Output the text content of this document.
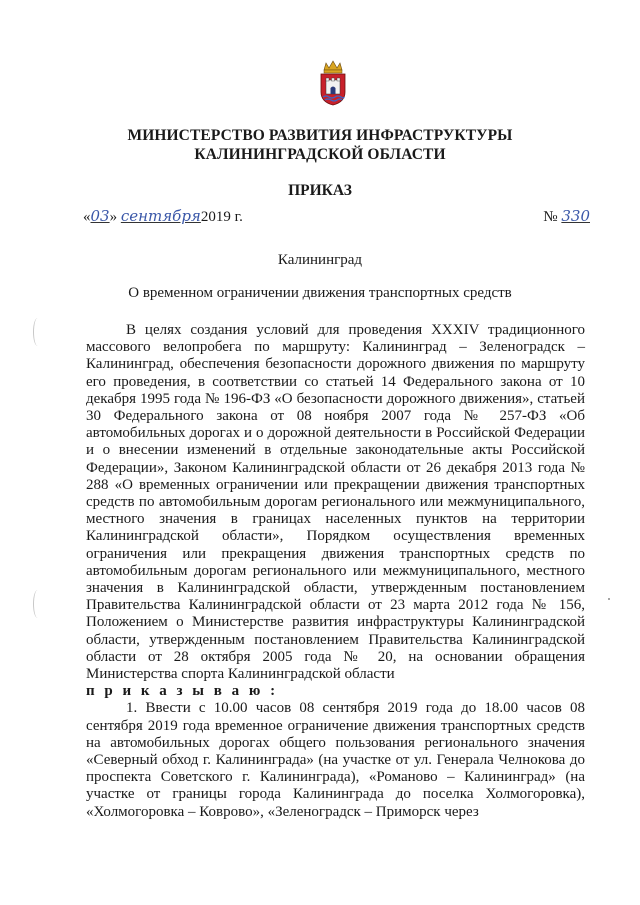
МИНИСТЕРСТВО РАЗВИТИЯ ИНФРАСТРУКТУРЫ
КАЛИНИНГРАДСКОЙ ОБЛАСТИ
ПРИКАЗ
«03» сентября2019 г.	№ 330
Калининград
О временном ограничении движения транспортных средств

В целях создания условий для проведения XXXIV традиционного массового велопробега по маршруту: Калининград – Зеленоградск – Калининград, обеспечения безопасности дорожного движения по маршруту его проведения, в соответствии со статьей 14 Федерального закона от 10 декабря 1995 года № 196-ФЗ «О безопасности дорожного движения», статьей 30 Федерального закона от 08 ноября 2007 года № 257-ФЗ «Об автомобильных дорогах и о дорожной деятельности в Российской Федерации и о внесении изменений в отдельные законодательные акты Российской Федерации», Законом Калининградской области от 26 декабря 2013 года № 288 «О временных ограничении или прекращении движения транспортных средств по автомобильным дорогам регионального или межмуниципального, местного значения в границах населенных пунктов на территории Калининградской области», Порядком осуществления временных ограничения или прекращения движения транспортных средств по автомобильным дорогам регионального или межмуниципального, местного значения в Калининградской области, утвержденным постановлением Правительства Калининградской области от 23 марта 2012 года № 156, Положением о Министерстве развития инфраструктуры Калининградской области, утвержденным постановлением Правительства Калининградской области от 28 октября 2005 года № 20, на основании обращения Министерства спорта Калининградской области

п р и к а з ы в а ю :

1. Ввести с 10.00 часов 08 сентября 2019 года до 18.00 часов 08 сентября 2019 года временное ограничение движения транспортных средств на автомобильных дорогах общего пользования регионального значения «Северный обход г. Калининграда» (на участке от ул. Генерала Челнокова до проспекта Советского г. Калининграда), «Романово – Калининград» (на участке от границы города Калининграда до поселка Холмогоровка), «Холмогоровка – Коврово», «Зеленоградск – Приморск через
